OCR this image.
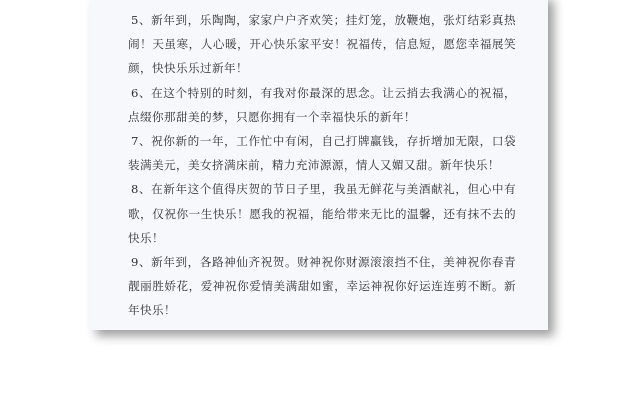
5、新年到，乐陶陶，家家户户齐欢笑；挂灯笼，放鞭炮，张灯结彩真热闹！天虽寒，人心暖，开心快乐家平安！祝福传，信息短，愿您幸福展笑颜，快快乐乐过新年！

6、在这个特别的时刻，有我对你最深的思念。让云捎去我满心的祝福，点缀你那甜美的梦，只愿你拥有一个幸福快乐的新年！

7、祝你新的一年，工作忙中有闲，自己打牌赢钱，存折增加无限，口袋装满美元，美女挤满床前，精力充沛源源，情人又媚又甜。新年快乐！

8、在新年这个值得庆贺的节日子里，我虽无鲜花与美酒献礼，但心中有歌，仅祝你一生快乐！愿我的祝福，能给带来无比的温馨，还有抹不去的快乐！

9、新年到，各路神仙齐祝贺。财神祝你财源滚滚挡不住，美神祝你春青靓丽胜娇花，爱神祝你爱情美满甜如蜜，幸运神祝你好运连连剪不断。新年快乐！
